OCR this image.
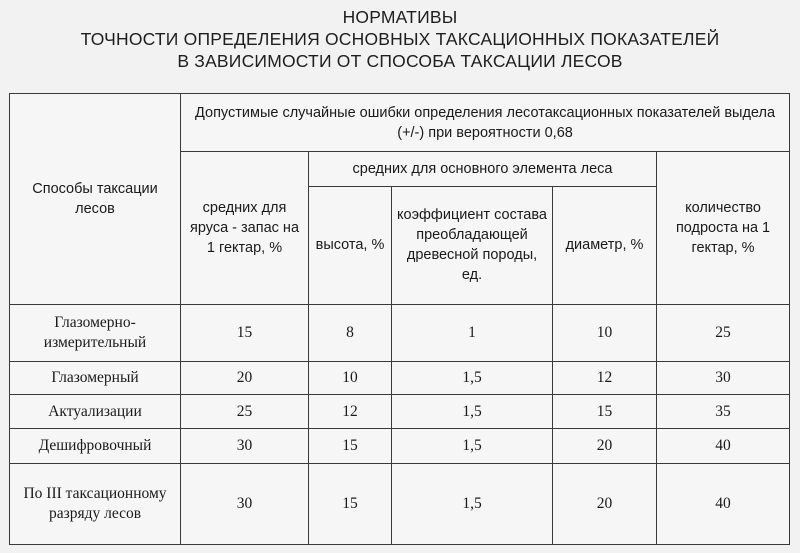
НОРМАТИВЫ
ТОЧНОСТИ ОПРЕДЕЛЕНИЯ ОСНОВНЫХ ТАКСАЦИОННЫХ ПОКАЗАТЕЛЕЙ
В ЗАВИСИМОСТИ ОТ СПОСОБА ТАКСАЦИИ ЛЕСОВ
Способы таксации лесов	Допустимые случайные ошибки определения лесотаксационных показателей выдела (+/-) при вероятности 0,68				
	средних для яруса - запас на 1 гектар, %	средних для основного элемента леса			количество подроста на 1 гектар, %
		высота, %	коэффициент состава преобладающей древесной породы, ед.	диаметр, %	
Глазомерно-измерительный	15	8	1	10	25
Глазомерный	20	10	1,5	12	30
Актуализации	25	12	1,5	15	35
Дешифровочный	30	15	1,5	20	40
По III таксационному разряду лесов	30	15	1,5	20	40
